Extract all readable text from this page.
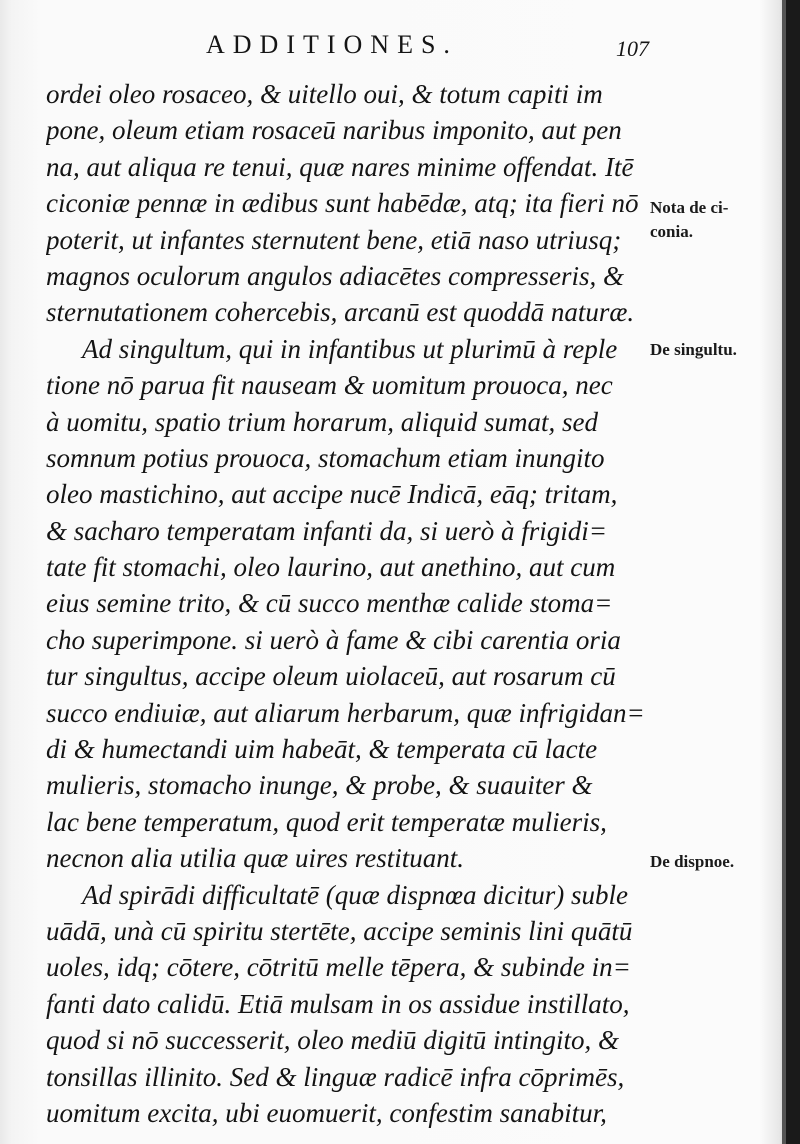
ADDITIONES.	107
ordei oleo rosaceo, & uitello oui, & totum capiti im
pone, oleum etiam rosaceū naribus imponito, aut pen
na, aut aliqua re tenui, quæ nares minime offendat. Itē
ciconiæ pennæ in ædibus sunt habēdæ, atq; ita fieri nō
poterit, ut infantes sternutent bene, etiā naso utriusq;
magnos oculorum angulos adiacētes compresseris, &
sternutationem cohercebis, arcanū est quoddā naturæ.
Ad singultum, qui in infantibus ut plurimū à reple
tione nō parua fit nauseam & uomitum prouoca, nec
à uomitu, spatio trium horarum, aliquid sumat, sed
somnum potius prouoca, stomachum etiam inungito
oleo mastichino, aut accipe nucē Indicā, eāq; tritam,
& sacharo temperatam infanti da, si uerò à frigidi=
tate fit stomachi, oleo laurino, aut anethino, aut cum
eius semine trito, & cū succo menthæ calide stoma=
cho superimpone. si uerò à fame & cibi carentia oria
tur singultus, accipe oleum uiolaceū, aut rosarum cū
succo endiuiæ, aut aliarum herbarum, quæ infrigidan=
di & humectandi uim habeāt, & temperata cū lacte
mulieris, stomacho inunge, & probe, & suauiter &
lac bene temperatum, quod erit temperatæ mulieris,
necnon alia utilia quæ uires restituant.
Ad spirādi difficultatē (quæ dispnœa dicitur) suble
uādā, unà cū spiritu stertēte, accipe seminis lini quātū
uoles, idq; cōtere, cōtritū melle tēpera, & subinde in=
fanti dato calidū. Etiā mulsam in os assidue instillato,
quod si nō successerit, oleo mediū digitū intingito, &
tonsillas illinito. Sed & linguæ radicē infra cōprimēs,
uomitum excita, ubi euomuerit, confestim sanabitur,
Nota de ci-
conia.
De singultu.
De dispnoe.
